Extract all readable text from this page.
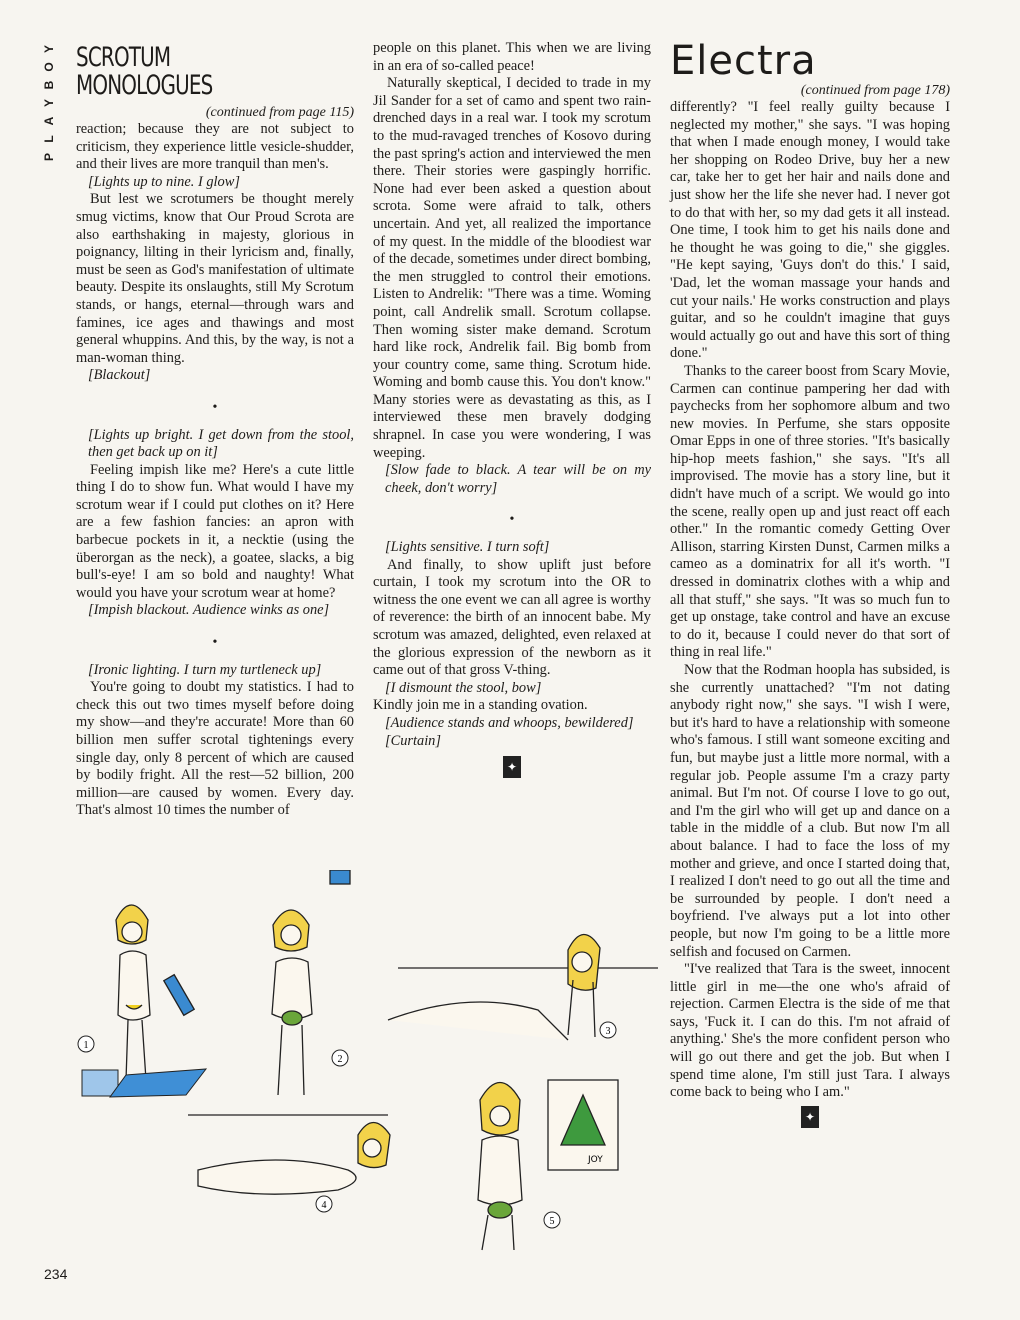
Y
O
B
Y
A
L
P
SCROTUM MONOLOGUES
(continued from page 115)

reaction; because they are not subject to criticism, they experience little vesicle-shudder, and their lives are more tranquil than men's.

[Lights up to nine. I glow]

But lest we scrotumers be thought merely smug victims, know that Our Proud Scrota are also earthshaking in majesty, glorious in poignancy, lilting in their lyricism and, finally, must be seen as God's manifestation of ultimate beauty. Despite its onslaughts, still My Scrotum stands, or hangs, eternal—through wars and famines, ice ages and thawings and most general whuppins. And this, by the way, is not a man-woman thing.

[Blackout]

•

[Lights up bright. I get down from the stool, then get back up on it]

Feeling impish like me? Here's a cute little thing I do to show fun. What would I have my scrotum wear if I could put clothes on it? Here are a few fashion fancies: an apron with barbecue pockets in it, a necktie (using the überorgan as the neck), a goatee, slacks, a big bull's-eye! I am so bold and naughty! What would you have your scrotum wear at home?

[Impish blackout. Audience winks as one]

•

[Ironic lighting. I turn my turtleneck up]

You're going to doubt my statistics. I had to check this out two times myself before doing my show—and they're accurate! More than 60 billion men suffer scrotal tightenings every single day, only 8 percent of which are caused by bodily fright. All the rest—52 billion, 200 million—are caused by women. Every day. That's almost 10 times the number of

people on this planet. This when we are living in an era of so-called peace!

Naturally skeptical, I decided to trade in my Jil Sander for a set of camo and spent two rain-drenched days in a real war. I took my scrotum to the mud-ravaged trenches of Kosovo during the past spring's action and interviewed the men there. Their stories were gaspingly horrific. None had ever been asked a question about scrota. Some were afraid to talk, others uncertain. And yet, all realized the importance of my quest. In the middle of the bloodiest war of the decade, sometimes under direct bombing, the men struggled to control their emotions. Listen to Andrelik: "There was a time. Woming point, call Andrelik small. Scrotum collapse. Then woming sister make demand. Scrotum hard like rock, Andrelik fail. Big bomb from your country come, same thing. Scrotum hide. Woming and bomb cause this. You don't know." Many stories were as devastating as this, as I interviewed these men bravely dodging shrapnel. In case you were wondering, I was weeping.

[Slow fade to black. A tear will be on my cheek, don't worry]

•

[Lights sensitive. I turn soft]

And finally, to show uplift just before curtain, I took my scrotum into the OR to witness the one event we can all agree is worthy of reverence: the birth of an innocent babe. My scrotum was amazed, delighted, even relaxed at the glorious expression of the newborn as it came out of that gross V-thing.

[I dismount the stool, bow]

Kindly join me in a standing ovation.

[Audience stands and whoops, bewildered]

[Curtain]

✦
Electra
(continued from page 178)

differently? "I feel really guilty because I neglected my mother," she says. "I was hoping that when I made enough money, I would take her shopping on Rodeo Drive, buy her a new car, take her to get her hair and nails done and just show her the life she never had. I never got to do that with her, so my dad gets it all instead. One time, I took him to get his nails done and he thought he was going to die," she giggles. "He kept saying, 'Guys don't do this.' I said, 'Dad, let the woman massage your hands and cut your nails.' He works construction and plays guitar, and so he couldn't imagine that guys would actually go out and have this sort of thing done."

Thanks to the career boost from Scary Movie, Carmen can continue pampering her dad with paychecks from her sophomore album and two new movies. In Perfume, she stars opposite Omar Epps in one of three stories. "It's basically hip-hop meets fashion," she says. "It's all improvised. The movie has a story line, but it didn't have much of a script. We would go into the scene, really open up and just react off each other." In the romantic comedy Getting Over Allison, starring Kirsten Dunst, Carmen milks a cameo as a dominatrix for all it's worth. "I dressed in dominatrix clothes with a whip and all that stuff," she says. "It was so much fun to get up onstage, take control and have an excuse to do it, because I could never do that sort of thing in real life."

Now that the Rodman hoopla has subsided, is she currently unattached? "I'm not dating anybody right now," she says. "I wish I were, but it's hard to have a relationship with someone who's famous. I still want someone exciting and fun, but maybe just a little more normal, with a regular job. People assume I'm a crazy party animal. But I'm not. Of course I love to go out, and I'm the girl who will get up and dance on a table in the middle of a club. But now I'm all about balance. I had to face the loss of my mother and grieve, and once I started doing that, I realized I don't need to go out all the time and be surrounded by people. I don't need a boyfriend. I've always put a lot into other people, but now I'm going to be a little more selfish and focused on Carmen.

"I've realized that Tara is the sweet, innocent little girl in me—the one who's afraid of rejection. Carmen Electra is the side of me that says, 'Fuck it. I can do this. I'm not afraid of anything.' She's the more confident person who will go out there and get the job. But when I spend time alone, I'm still just Tara. I always come back to being who I am."

✦
1
2
3
4
JOY
5
234
